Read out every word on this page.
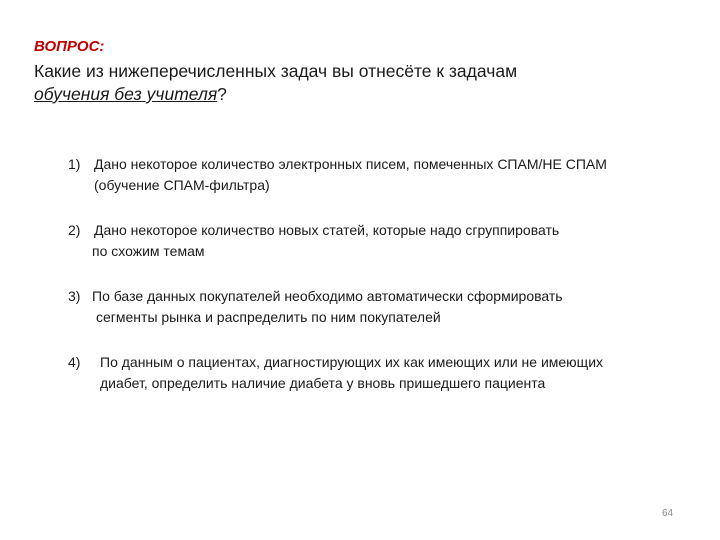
ВОПРОС:
Какие из нижеперечисленных задач вы отнесёте к задачам
обучения без учителя?
1) Дано некоторое количество электронных писем, помеченных СПАМ/НЕ СПАМ
(обучение СПАМ-фильтра)
2) Дано некоторое количество новых статей, которые надо сгруппировать
по схожим темам
3) По базе данных покупателей необходимо автоматически сформировать
сегменты рынка и распределить по ним покупателей
4)	По данным о пациентах, диагностирующих их как имеющих или не имеющих
диабет, определить наличие диабета у вновь пришедшего пациента
64
